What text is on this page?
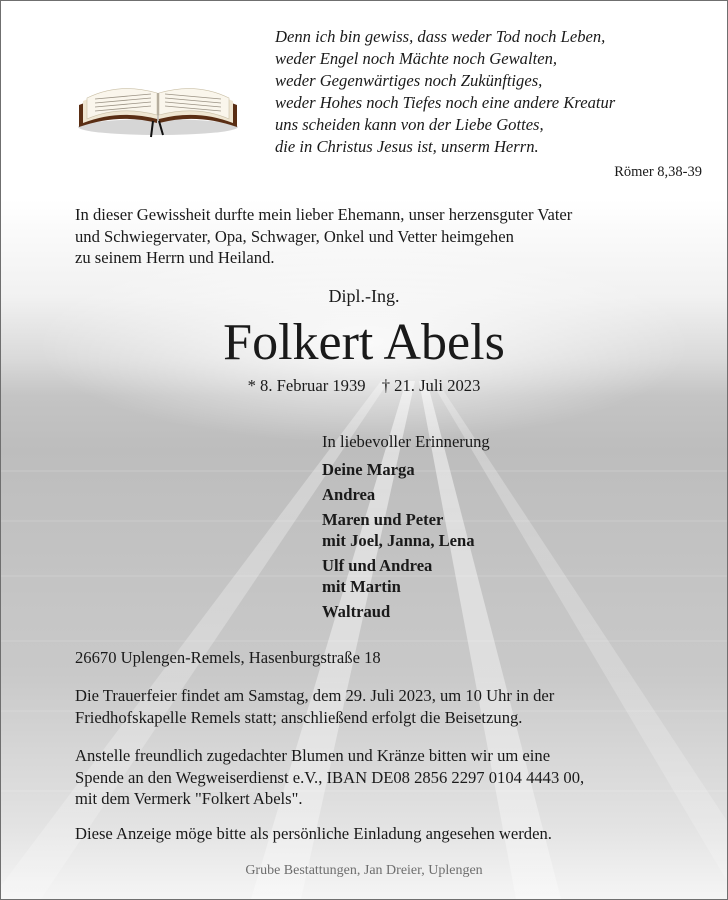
Denn ich bin gewiss, dass weder Tod noch Leben,
weder Engel noch Mächte noch Gewalten,
weder Gegenwärtiges noch Zukünftiges,
weder Hohes noch Tiefes noch eine andere Kreatur
uns scheiden kann von der Liebe Gottes,
die in Christus Jesus ist, unserm Herrn.
Römer 8,38-39
In dieser Gewissheit durfte mein lieber Ehemann, unser herzensguter Vater
und Schwiegervater, Opa, Schwager, Onkel und Vetter heimgehen
zu seinem Herrn und Heiland.
Dipl.-Ing.
Folkert Abels
* 8. Februar 1939 † 21. Juli 2023
In liebevoller Erinnerung
Deine Marga
Andrea
Maren und Peter
mit Joel, Janna, Lena
Ulf und Andrea
mit Martin
Waltraud
26670 Uplengen-Remels, Hasenburgstraße 18
Die Trauerfeier findet am Samstag, dem 29. Juli 2023, um 10 Uhr in der
Friedhofskapelle Remels statt; anschließend erfolgt die Beisetzung.
Anstelle freundlich zugedachter Blumen und Kränze bitten wir um eine
Spende an den Wegweiserdienst e.V., IBAN DE08 2856 2297 0104 4443 00,
mit dem Vermerk "Folkert Abels".
Diese Anzeige möge bitte als persönliche Einladung angesehen werden.
Grube Bestattungen, Jan Dreier, Uplengen
